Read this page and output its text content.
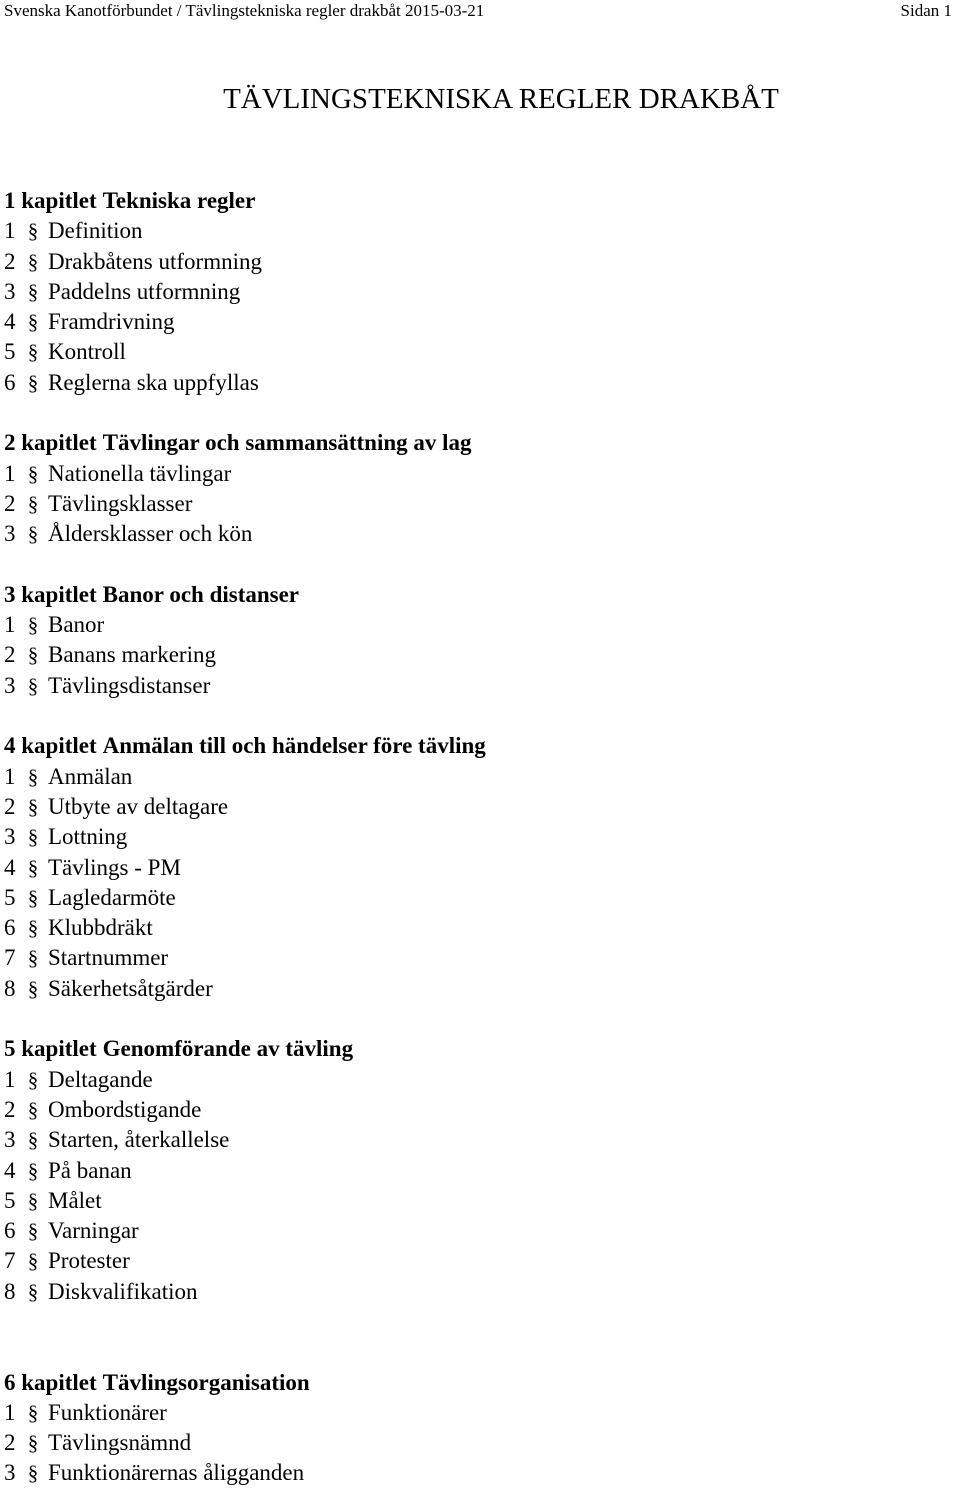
Svenska Kanotförbundet / Tävlingstekniska regler drakbåt 2015-03-21	Sidan 1
TÄVLINGSTEKNISKA REGLER DRAKBÅT
1 kapitlet Tekniska regler
1 § Definition
2 § Drakbåtens utformning
3 § Paddelns utformning
4 § Framdrivning
5 § Kontroll
6 § Reglerna ska uppfyllas
2 kapitlet Tävlingar och sammansättning av lag
1 § Nationella tävlingar
2 § Tävlingsklasser
3 § Åldersklasser och kön
3 kapitlet Banor och distanser
1 § Banor
2 § Banans markering
3 § Tävlingsdistanser
4 kapitlet Anmälan till och händelser före tävling
1 § Anmälan
2 § Utbyte av deltagare
3 § Lottning
4 § Tävlings - PM
5 § Lagledarmöte
6 § Klubbdräkt
7 § Startnummer
8 § Säkerhetsåtgärder
5 kapitlet Genomförande av tävling
1 § Deltagande
2 § Ombordstigande
3 § Starten, återkallelse
4 § På banan
5 § Målet
6 § Varningar
7 § Protester
8 § Diskvalifikation
6 kapitlet Tävlingsorganisation
1 § Funktionärer
2 § Tävlingsnämnd
3 § Funktionärernas åligganden
